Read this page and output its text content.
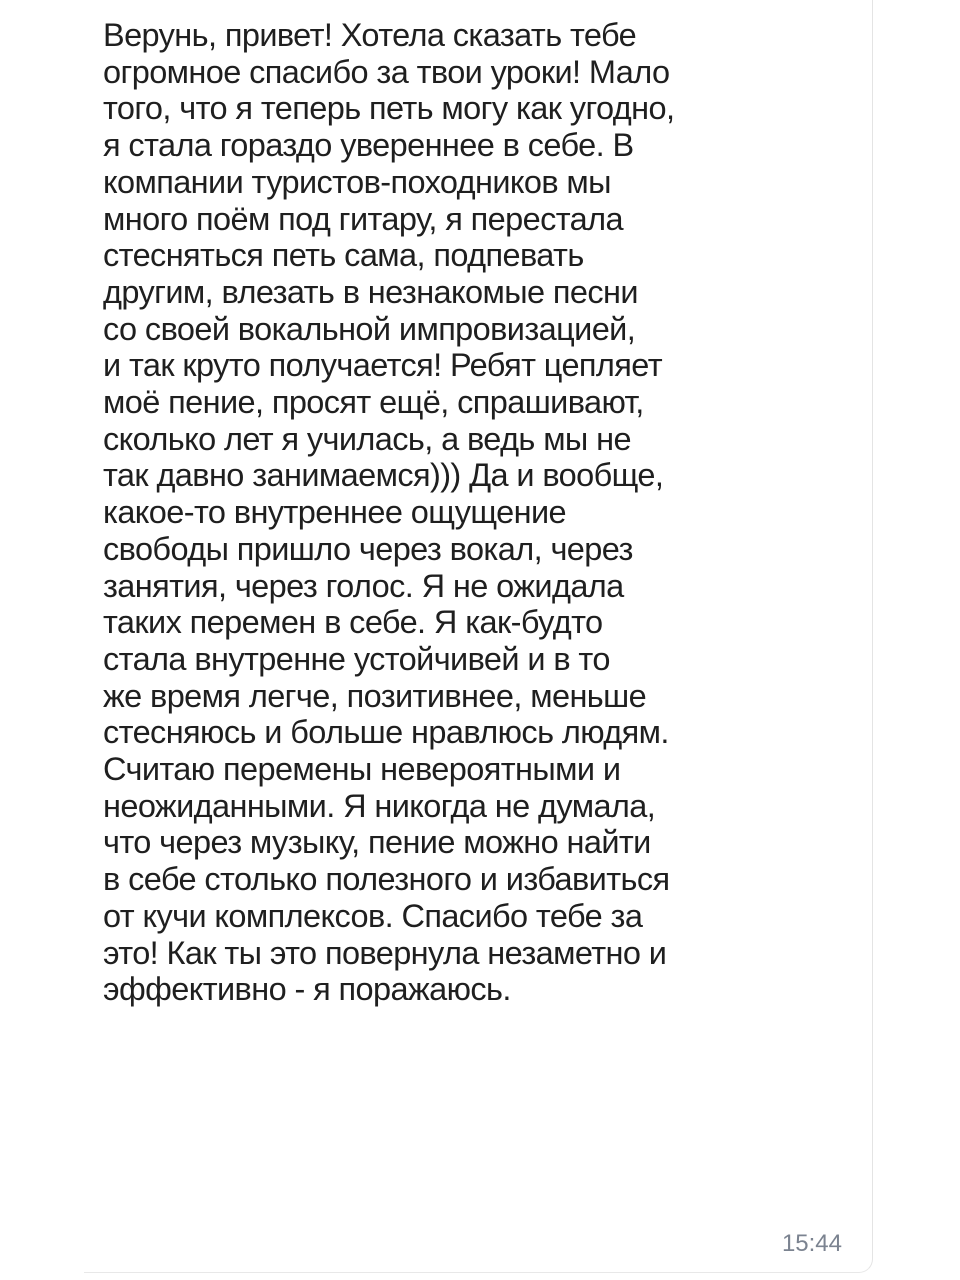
Верунь, привет! Хотела сказать тебе
огромное спасибо за твои уроки! Мало
того, что я теперь петь могу как угодно,
я стала гораздо увереннее в себе. В
компании туристов-походников мы
много поём под гитару, я перестала
стесняться петь сама, подпевать
другим, влезать в незнакомые песни
со своей вокальной импровизацией,
и так круто получается! Ребят цепляет
моё пение, просят ещё, спрашивают,
сколько лет я училась, а ведь мы не
так давно занимаемся))) Да и вообще,
какое-то внутреннее ощущение
свободы пришло через вокал, через
занятия, через голос. Я не ожидала
таких перемен в себе. Я как-будто
стала внутренне устойчивей и в то
же время легче, позитивнее, меньше
стесняюсь и больше нравлюсь людям.
Считаю перемены невероятными и
неожиданными. Я никогда не думала,
что через музыку, пение можно найти
в себе столько полезного и избавиться
от кучи комплексов. Спасибо тебе за
это! Как ты это повернула незаметно и
эффективно - я поражаюсь.
15:44
